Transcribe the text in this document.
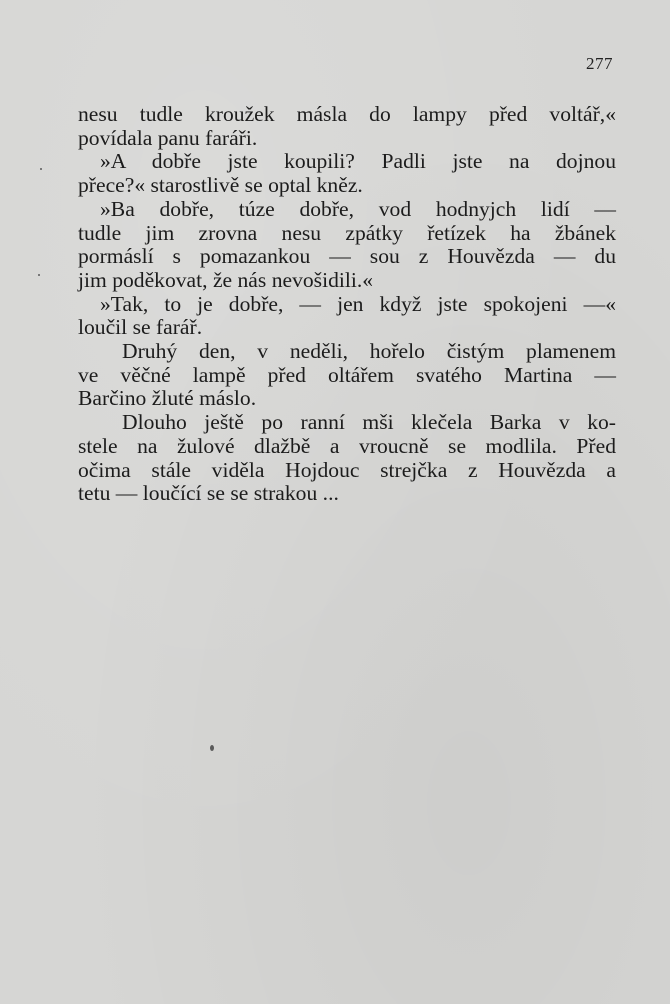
277
nesu tudle kroužek másla do lampy před voltář,«
povídala panu faráři.
»A dobře jste koupili? Padli jste na dojnou
přece?« starostlivě se optal kněz.
»Ba dobře, túze dobře, vod hodnyjch lidí —
tudle jim zrovna nesu zpátky řetízek ha žbánek
pormáslí s pomazankou — sou z Houvězda — du
jim poděkovat, že nás nevošidili.«
»Tak, to je dobře, — jen když jste spokojeni —«
loučil se farář.
Druhý den, v neděli, hořelo čistým plamenem
ve věčné lampě před oltářem svatého Martina —
Barčino žluté máslo.
Dlouho ještě po ranní mši klečela Barka v ko-
stele na žulové dlažbě a vroucně se modlila. Před
očima stále viděla Hojdouc strejčka z Houvězda a
tetu — loučící se se strakou ...
